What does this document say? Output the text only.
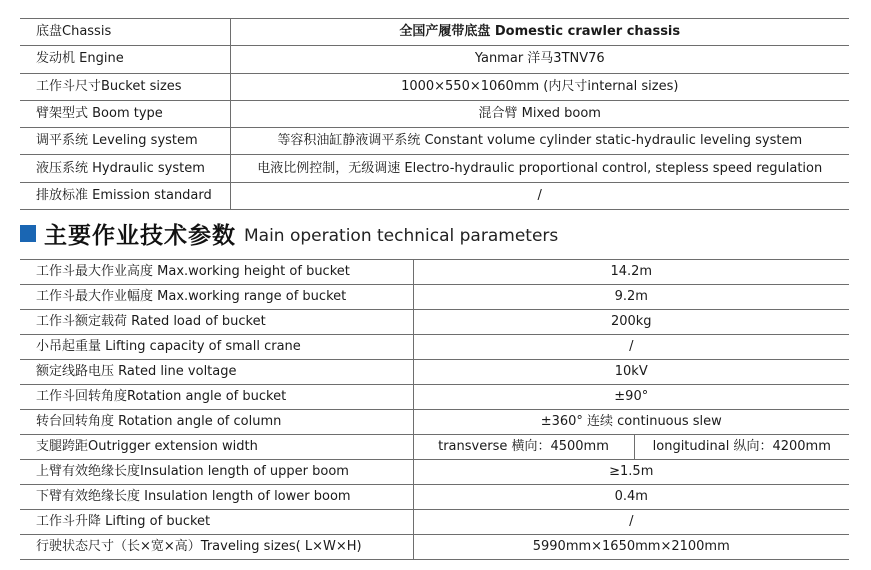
底盘Chassis	全国产履带底盘 Domestic crawler chassis
发动机 Engine	Yanmar 洋马3TNV76
工作斗尺寸Bucket sizes	1000×550×1060mm (内尺寸internal sizes)
臂架型式 Boom type	混合臂 Mixed boom
调平系统 Leveling system	等容积油缸静液调平系统 Constant volume cylinder static-hydraulic leveling system
液压系统 Hydraulic system	电液比例控制，无级调速 Electro-hydraulic proportional control, stepless speed regulation
排放标准 Emission standard	/
主要作业技术参数 Main operation technical parameters
工作斗最大作业高度 Max.working height of bucket	14.2m	
工作斗最大作业幅度 Max.working range of bucket	9.2m	
工作斗额定载荷 Rated load of bucket	200kg	
小吊起重量 Lifting capacity of small crane	/	
额定线路电压 Rated line voltage	10kV	
工作斗回转角度Rotation angle of bucket	±90°	
转台回转角度 Rotation angle of column	±360° 连续 continuous slew	
支腿跨距Outrigger extension width	transverse 横向：4500mm	longitudinal 纵向：4200mm
上臂有效绝缘长度Insulation length of upper boom	≥1.5m	
下臂有效绝缘长度 Insulation length of lower boom	0.4m	
工作斗升降 Lifting of bucket	/	
行驶状态尺寸（长×宽×高）Traveling sizes( L×W×H)	5990mm×1650mm×2100mm	
